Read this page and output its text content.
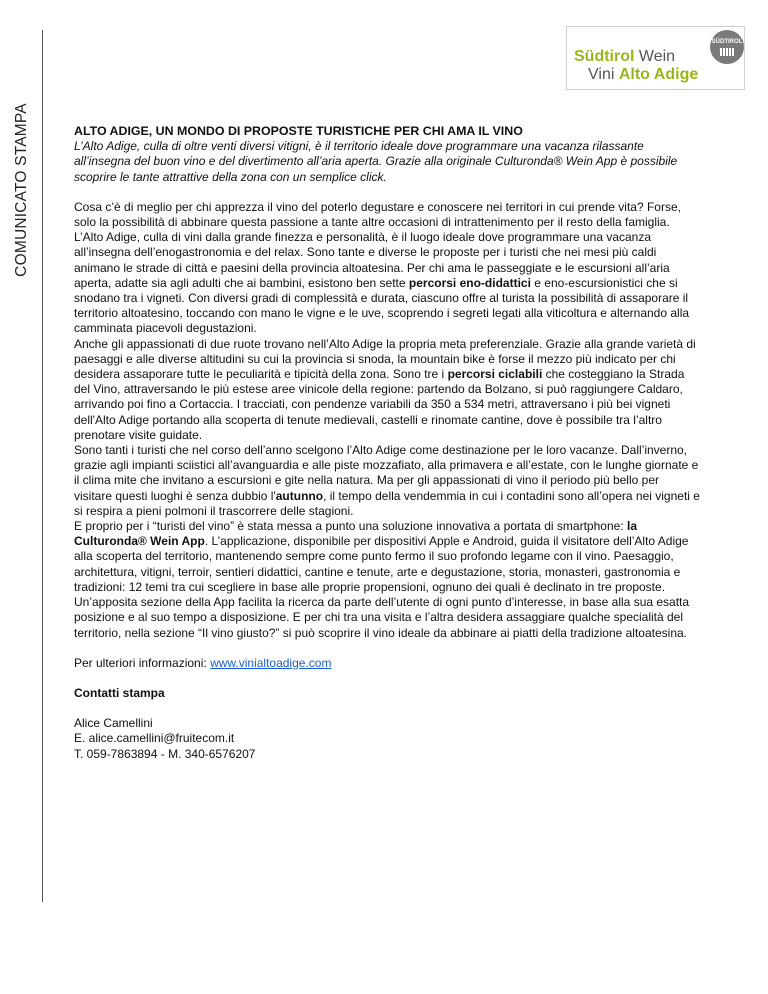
COMUNICATO STAMPA
SÜDTIROL
Südtirol Wein
Vini Alto Adige
ALTO ADIGE, UN MONDO DI PROPOSTE TURISTICHE PER CHI AMA IL VINO
L’Alto Adige, culla di oltre venti diversi vitigni, è il territorio ideale dove programmare una vacanza rilassante all’insegna del buon vino e del divertimento all’aria aperta. Grazie alla originale Culturonda® Wein App è possibile scoprire le tante attrattive della zona con un semplice click.

Cosa c’è di meglio per chi apprezza il vino del poterlo degustare e conoscere nei territori in cui prende vita? Forse, solo la possibilità di abbinare questa passione a tante altre occasioni di intrattenimento per il resto della famiglia.

L’Alto Adige, culla di vini dalla grande finezza e personalità, è il luogo ideale dove programmare una vacanza all’insegna dell’enogastronomia e del relax. Sono tante e diverse le proposte per i turisti che nei mesi più caldi animano le strade di città e paesini della provincia altoatesina. Per chi ama le passeggiate e le escursioni all’aria aperta, adatte sia agli adulti che ai bambini, esistono ben sette percorsi eno-didattici e eno-escursionistici che si snodano tra i vigneti. Con diversi gradi di complessità e durata, ciascuno offre al turista la possibilità di assaporare il territorio altoatesino, toccando con mano le vigne e le uve, scoprendo i segreti legati alla viticoltura e alternando alla camminata piacevoli degustazioni.

Anche gli appassionati di due ruote trovano nell’Alto Adige la propria meta preferenziale. Grazie alla grande varietà di paesaggi e alle diverse altitudini su cui la provincia si snoda, la mountain bike è forse il mezzo più indicato per chi desidera assaporare tutte le peculiarità e tipicità della zona. Sono tre i percorsi ciclabili che costeggiano la Strada del Vino, attraversando le più estese aree vinicole della regione: partendo da Bolzano, si può raggiungere Caldaro, arrivando poi fino a Cortaccia. I tracciati, con pendenze variabili da 350 a 534 metri, attraversano i più bei vigneti dell'Alto Adige portando alla scoperta di tenute medievali, castelli e rinomate cantine, dove è possibile tra l’altro prenotare visite guidate.

Sono tanti i turisti che nel corso dell’anno scelgono l’Alto Adige come destinazione per le loro vacanze. Dall’inverno, grazie agli impianti sciistici all’avanguardia e alle piste mozzafiato, alla primavera e all’estate, con le lunghe giornate e il clima mite che invitano a escursioni e gite nella natura. Ma per gli appassionati di vino il periodo più bello per visitare questi luoghi è senza dubbio l'autunno, il tempo della vendemmia in cui i contadini sono all’opera nei vigneti e si respira a pieni polmoni il trascorrere delle stagioni.

E proprio per i “turisti del vino” è stata messa a punto una soluzione innovativa a portata di smartphone: la Culturonda® Wein App. L’applicazione, disponibile per dispositivi Apple e Android, guida il visitatore dell’Alto Adige alla scoperta del territorio, mantenendo sempre come punto fermo il suo profondo legame con il vino. Paesaggio, architettura, vitigni, terroir, sentieri didattici, cantine e tenute, arte e degustazione, storia, monasteri, gastronomia e tradizioni: 12 temi tra cui scegliere in base alle proprie propensioni, ognuno dei quali è declinato in tre proposte. Un’apposita sezione della App facilita la ricerca da parte dell’utente di ogni punto d’interesse, in base alla sua esatta posizione e al suo tempo a disposizione. E per chi tra una visita e l’altra desidera assaggiare qualche specialità del territorio, nella sezione “Il vino giusto?” si può scoprire il vino ideale da abbinare ai piatti della tradizione altoatesina.

Per ulteriori informazioni: www.vinialtoadige.com
Contatti stampa
Alice Camellini
E. alice.camellini@fruitecom.it
T. 059-7863894 - M. 340-6576207
